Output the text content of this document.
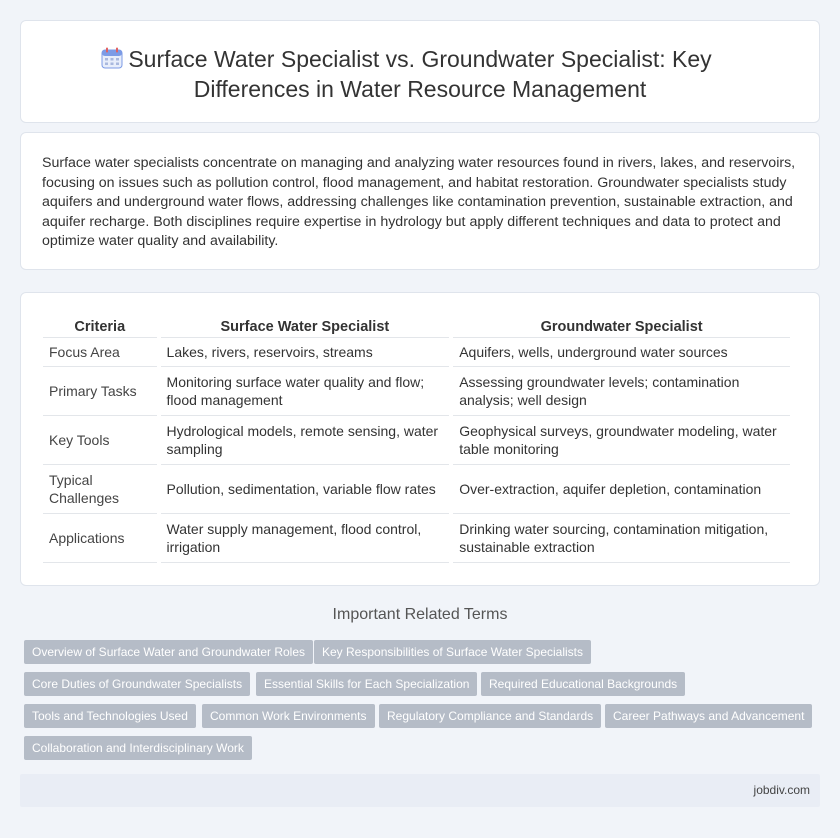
Surface Water Specialist vs. Groundwater Specialist: Key Differences in Water Resource Management

Surface water specialists concentrate on managing and analyzing water resources found in rivers, lakes, and reservoirs, focusing on issues such as pollution control, flood management, and habitat restoration. Groundwater specialists study aquifers and underground water flows, addressing challenges like contamination prevention, sustainable extraction, and aquifer recharge. Both disciplines require expertise in hydrology but apply different techniques and data to protect and optimize water quality and availability.

Criteria	Surface Water Specialist	Groundwater Specialist
Focus Area	Lakes, rivers, reservoirs, streams	Aquifers, wells, underground water sources
Primary Tasks	Monitoring surface water quality and flow; flood management	Assessing groundwater levels; contamination analysis; well design
Key Tools	Hydrological models, remote sensing, water sampling	Geophysical surveys, groundwater modeling, water table monitoring
Typical Challenges	Pollution, sedimentation, variable flow rates	Over-extraction, aquifer depletion, contamination
Applications	Water supply management, flood control, irrigation	Drinking water sourcing, contamination mitigation, sustainable extraction
Important Related Terms
Overview of Surface Water and Groundwater Roles	Key Responsibilities of Surface Water Specialists
Core Duties of Groundwater Specialists	Essential Skills for Each Specialization	Required Educational Backgrounds
Tools and Technologies Used	Common Work Environments	Regulatory Compliance and Standards	Career Pathways and Advancement
Collaboration and Interdisciplinary Work
jobdiv.com
